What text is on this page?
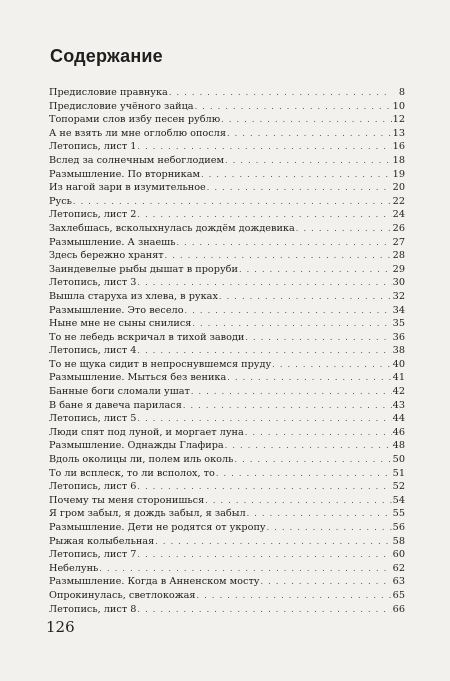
Содержание
Предисловие правнука . . .	8
Предисловие учёного зайца . . .	10
Топорами слов избу песен рублю . . .	12
А не взять ли мне оглоблю опосля . . .	13
Летопись, лист 1 . . .	16
Вслед за солнечным небоглодием . . .	18
Размышление. По вторникам . . .	19
Из нагой зари в изумительное . . .	20
Русь . . .	22
Летопись, лист 2 . . .	24
Захлебшась, всколыхнулась дождём дождевика . . .	26
Размышление. А знаешь . . .	27
Здесь бережно хранят . . .	28
Заиндевелые рыбы дышат в проруби . . .	29
Летопись, лист 3 . . .	30
Вышла старуха из хлева, в руках . . .	32
Размышление. Это весело . . .	34
Ныне мне не сыны снилися . . .	35
То не лебедь вскричал в тихой заводи . . .	36
Летопись, лист 4 . . .	38
То не щука сидит в непроснувшемся пруду . . .	40
Размышление. Мыться без веника . . .	41
Банные боги сломали ушат . . .	42
В бане я давеча парилася . . .	43
Летопись, лист 5 . . .	44
Люди спят под луной, и моргает луна . . .	46
Размышление. Однажды Глафира . . .	48
Вдоль околицы ли, полем иль околь . . .	50
То ли всплеск, то ли всполох, то . . .	51
Летопись, лист 6 . . .	52
Почему ты меня сторонишься . . .	54
Я гром забыл, я дождь забыл, я забыл . . .	55
Размышление. Дети не родятся от укропу . . .	56
Рыжая колыбельная . . .	58
Летопись, лист 7 . . .	60
Небелунь . . .	62
Размышление. Когда в Анненском мосту . . .	63
Опрокинулась, светлокожая . . .	65
Летопись, лист 8 . . .	66
126
